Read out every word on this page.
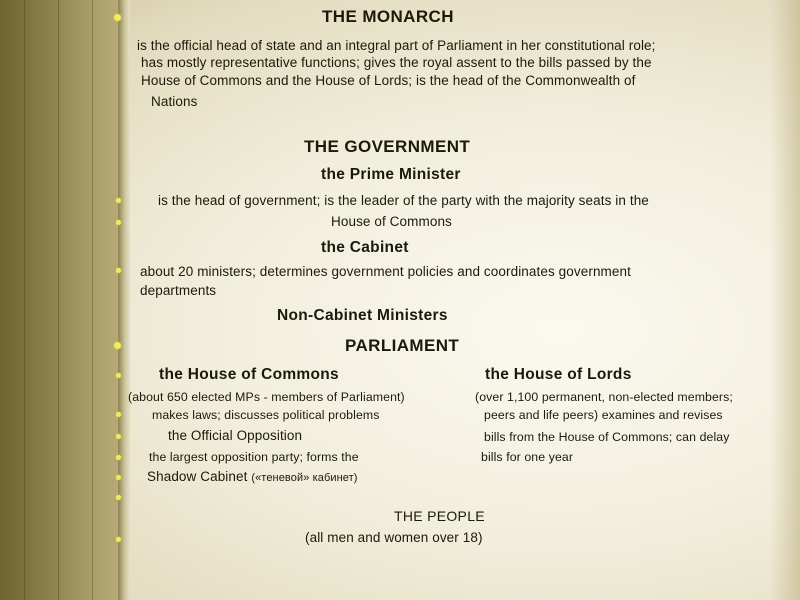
THE MONARCH
is the official head of state and an integral part of Parliament in her constitutional role;
has mostly representative functions; gives the royal assent to the bills passed by the
House of Commons and the House of Lords; is the head of the Commonwealth of
Nations
THE GOVERNMENT
the Prime Minister
is the head of government; is the leader of the party with the majority seats in the
House of Commons
the Cabinet
about 20 ministers; determines government policies and coordinates government
departments
Non-Cabinet Ministers
PARLIAMENT
the House of Commons	the House of Lords
(about 650 elected MPs - members of Parliament)	(over 1,100 permanent, non-elected members;
makes laws; discusses political problems	peers and life peers) examines and revises
the Official Opposition	bills from the House of Commons; can delay
the largest opposition party; forms the	bills for one year
Shadow Cabinet («теневой» кабинет)
THE PEOPLE
(all men and women over 18)
